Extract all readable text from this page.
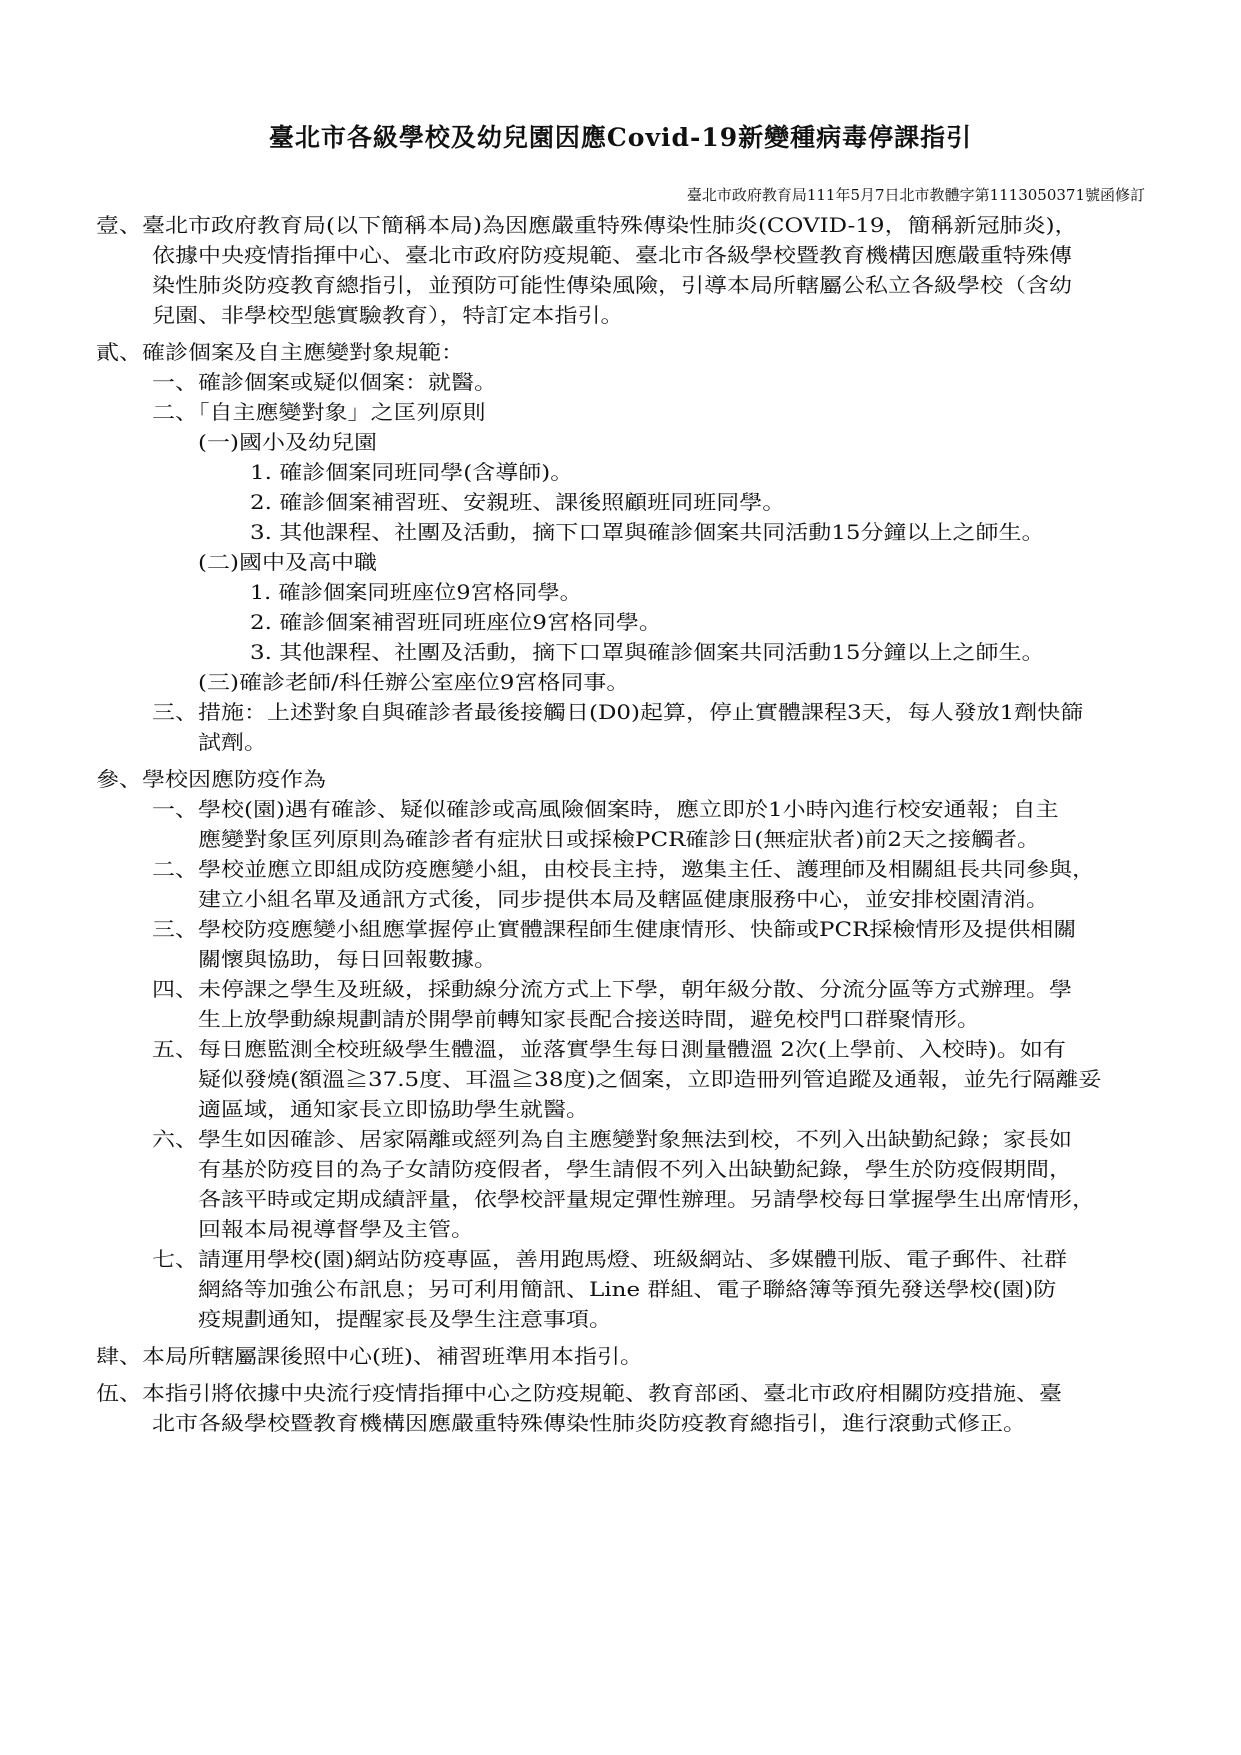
臺北市各級學校及幼兒園因應Covid-19新變種病毒停課指引
臺北市政府教育局111年5月7日北市教體字第1113050371號函修訂
壹、臺北市政府教育局(以下簡稱本局)為因應嚴重特殊傳染性肺炎(COVID-19，簡稱新冠肺炎)，
依據中央疫情指揮中心、臺北市政府防疫規範、臺北市各級學校暨教育機構因應嚴重特殊傳
染性肺炎防疫教育總指引，並預防可能性傳染風險，引導本局所轄屬公私立各級學校（含幼
兒園、非學校型態實驗教育），特訂定本指引。
貳、確診個案及自主應變對象規範：
一、確診個案或疑似個案：就醫。
二、「自主應變對象」之匡列原則
(一)國小及幼兒園
1. 確診個案同班同學(含導師)。
2. 確診個案補習班、安親班、課後照顧班同班同學。
3. 其他課程、社團及活動，摘下口罩與確診個案共同活動15分鐘以上之師生。
(二)國中及高中職
1. 確診個案同班座位9宮格同學。
2. 確診個案補習班同班座位9宮格同學。
3. 其他課程、社團及活動，摘下口罩與確診個案共同活動15分鐘以上之師生。
(三)確診老師/科任辦公室座位9宮格同事。
三、措施：上述對象自與確診者最後接觸日(D0)起算，停止實體課程3天，每人發放1劑快篩
試劑。
參、學校因應防疫作為
一、學校(園)遇有確診、疑似確診或高風險個案時，應立即於1小時內進行校安通報；自主
應變對象匡列原則為確診者有症狀日或採檢PCR確診日(無症狀者)前2天之接觸者。
二、學校並應立即組成防疫應變小組，由校長主持，邀集主任、護理師及相關組長共同參與，
建立小組名單及通訊方式後，同步提供本局及轄區健康服務中心，並安排校園清消。
三、學校防疫應變小組應掌握停止實體課程師生健康情形、快篩或PCR採檢情形及提供相關
關懷與協助，每日回報數據。
四、未停課之學生及班級，採動線分流方式上下學，朝年級分散、分流分區等方式辦理。學
生上放學動線規劃請於開學前轉知家長配合接送時間，避免校門口群聚情形。
五、每日應監測全校班級學生體溫，並落實學生每日測量體溫 2次(上學前、入校時)。如有
疑似發燒(額溫≧37.5度、耳溫≧38度)之個案，立即造冊列管追蹤及通報，並先行隔離妥
適區域，通知家長立即協助學生就醫。
六、學生如因確診、居家隔離或經列為自主應變對象無法到校，不列入出缺勤紀錄；家長如
有基於防疫目的為子女請防疫假者，學生請假不列入出缺勤紀錄，學生於防疫假期間，
各該平時或定期成績評量，依學校評量規定彈性辦理。另請學校每日掌握學生出席情形，
回報本局視導督學及主管。
七、請運用學校(園)網站防疫專區，善用跑馬燈、班級網站、多媒體刊版、電子郵件、社群
網絡等加強公布訊息；另可利用簡訊、Line 群組、電子聯絡簿等預先發送學校(園)防
疫規劃通知，提醒家長及學生注意事項。
肆、本局所轄屬課後照中心(班)、補習班準用本指引。
伍、本指引將依據中央流行疫情指揮中心之防疫規範、教育部函、臺北市政府相關防疫措施、臺
北市各級學校暨教育機構因應嚴重特殊傳染性肺炎防疫教育總指引，進行滾動式修正。
